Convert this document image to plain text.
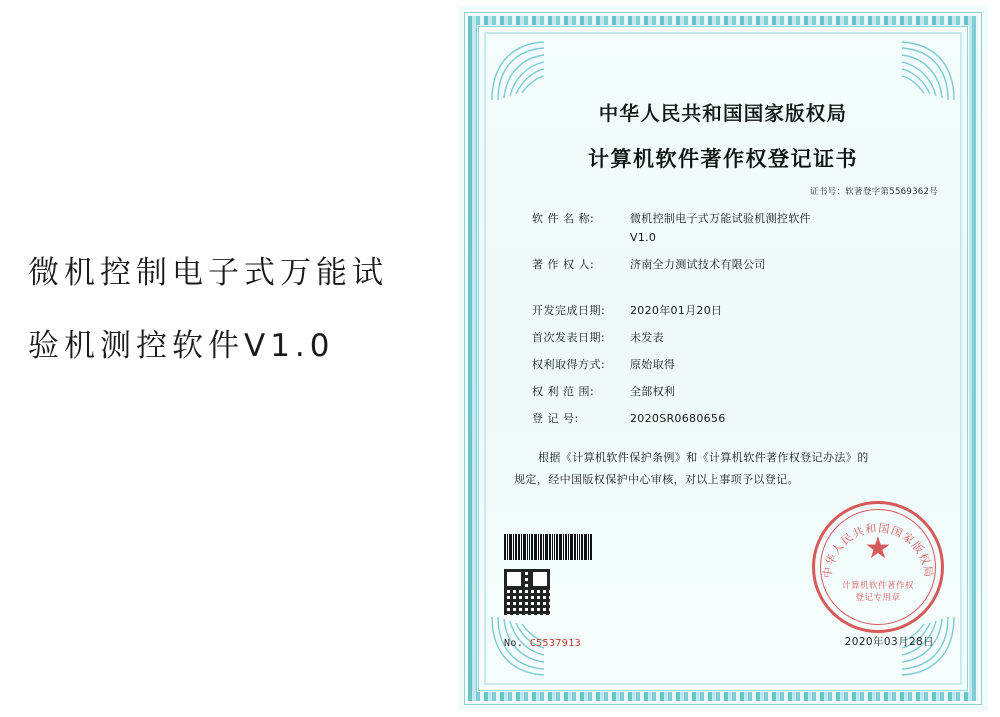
微机控制电子式万能试
验机测控软件V1.0
中华人民共和国国家版权局
计算机软件著作权登记证书
证书号：软著登字第5569362号
软 件 名 称:	微机控制电子式万能试验机测控软件
V1.0
著 作 权 人:	济南全力测试技术有限公司
开发完成日期:	2020年01月20日
首次发表日期:	未发表
权利取得方式:	原始取得
权 利 范 围:	全部权利
登 记 号:	2020SR0680656

根据《计算机软件保护条例》和《计算机软件著作权登记办法》的

规定，经中国版权保护中心审核，对以上事项予以登记。

No. C5537913	2020年03月28日
中华人民共和国国家版权局
★
计算机软件著作权
登记专用章
